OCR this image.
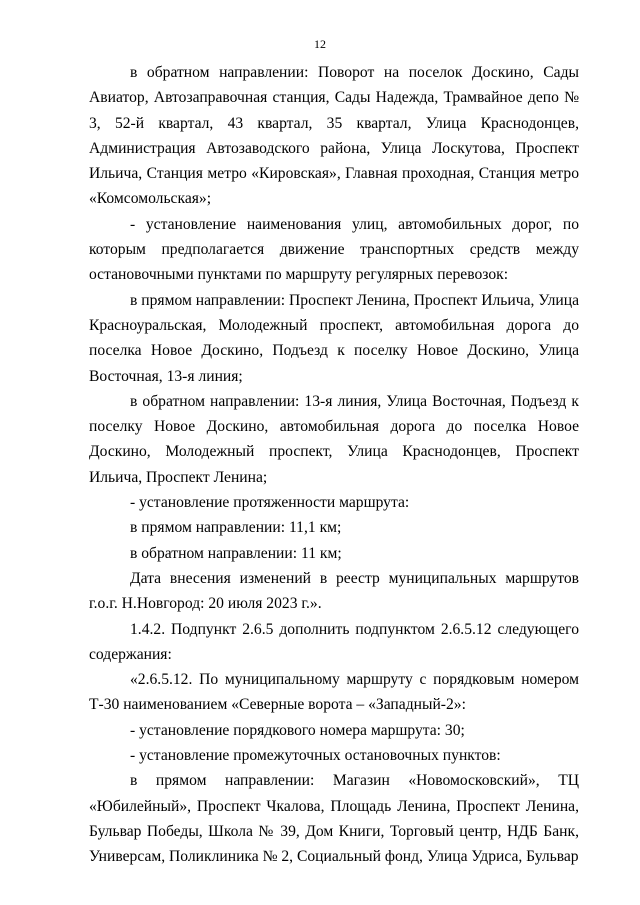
12

в обратном направлении: Поворот на поселок Доскино, Сады Авиатор, Автозаправочная станция, Сады Надежда, Трамвайное депо № 3, 52-й квартал, 43 квартал, 35 квартал, Улица Краснодонцев, Администрация Автозаводского района, Улица Лоскутова, Проспект Ильича, Станция метро «Кировская», Главная проходная, Станция метро «Комсомольская»;

- установление наименования улиц, автомобильных дорог, по которым предполагается движение транспортных средств между остановочными пунктами по маршруту регулярных перевозок:

в прямом направлении: Проспект Ленина, Проспект Ильича, Улица Красноуральская, Молодежный проспект, автомобильная дорога до поселка Новое Доскино, Подъезд к поселку Новое Доскино, Улица Восточная, 13-я линия;

в обратном направлении: 13-я линия, Улица Восточная, Подъезд к поселку Новое Доскино, автомобильная дорога до поселка Новое Доскино, Молодежный проспект, Улица Краснодонцев, Проспект Ильича, Проспект Ленина;

- установление протяженности маршрута:

в прямом направлении: 11,1 км;

в обратном направлении: 11 км;

Дата внесения изменений в реестр муниципальных маршрутов г.о.г. Н.Новгород: 20 июля 2023 г.».

1.4.2. Подпункт 2.6.5 дополнить подпунктом 2.6.5.12 следующего содержания:

«2.6.5.12. По муниципальному маршруту с порядковым номером Т-30 наименованием «Северные ворота – «Западный-2»:

- установление порядкового номера маршрута: 30;

- установление промежуточных остановочных пунктов:

в прямом направлении: Магазин «Новомосковский», ТЦ «Юбилейный», Проспект Чкалова, Площадь Ленина, Проспект Ленина, Бульвар Победы, Школа № 39, Дом Книги, Торговый центр, НДБ Банк, Универсам, Поликлиника № 2, Социальный фонд, Улица Удриса, Бульвар
